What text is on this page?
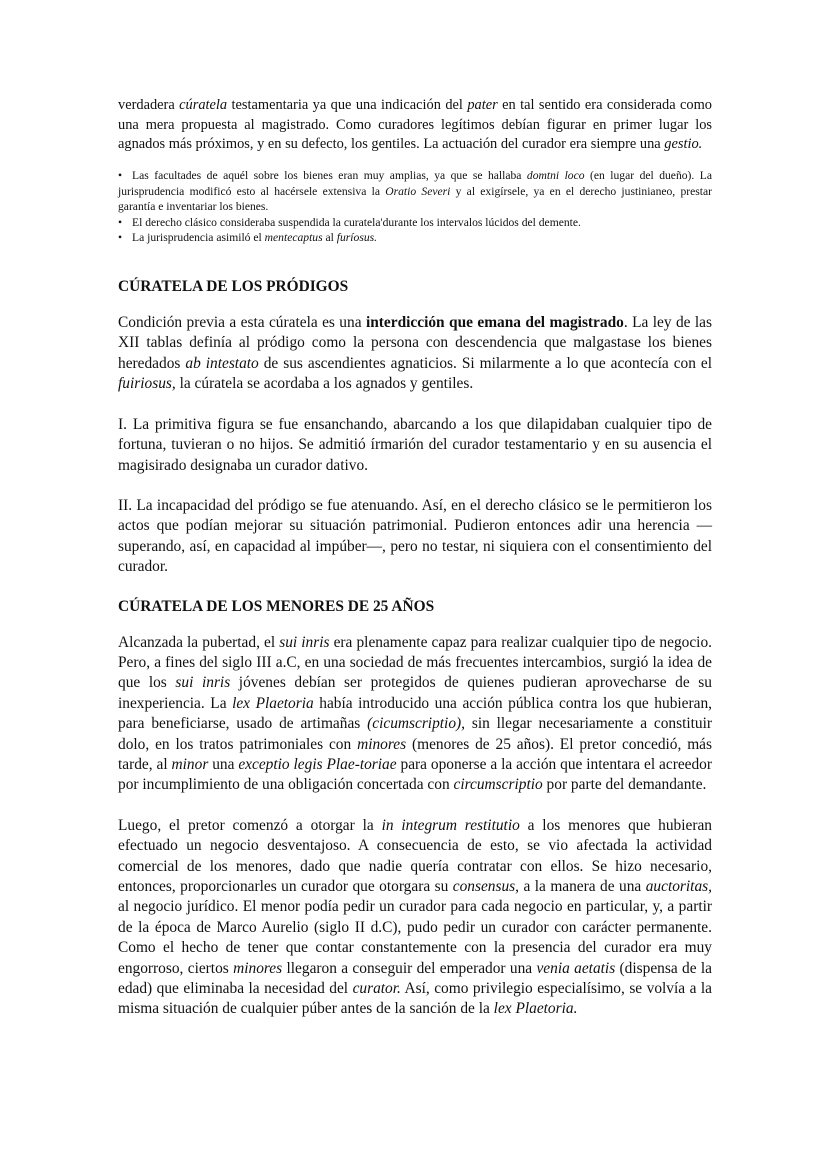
verdadera cúratela testamentaria ya que una indicación del pater en tal sentido era considerada como una mera propuesta al magistrado. Como curadores legítimos debían figurar en primer lugar los agnados más próximos, y en su defecto, los gentiles. La actuación del curador era siempre una gestio.

• Las facultades de aquél sobre los bienes eran muy amplias, ya que se hallaba domtni loco (en lugar del dueño). La jurisprudencia modificó esto al hacérsele extensiva la Oratio Severi y al exigírsele, ya en el derecho justinianeo, prestar garantía e inventariar los bienes.

• El derecho clásico consideraba suspendida la curatela'durante los intervalos lúcidos del demente.

• La jurisprudencia asimiló el mentecaptus al furíosus.

CÚRATELA DE LOS PRÓDIGOS

Condición previa a esta cúratela es una interdicción que emana del magistrado. La ley de las XII tablas definía al pródigo como la persona con descendencia que malgastase los bienes heredados ab intestato de sus ascendientes agnaticios. Si milarmente a lo que acontecía con el fuiriosus, la cúratela se acordaba a los agnados y gentiles.

I. La primitiva figura se fue ensanchando, abarcando a los que dilapidaban cualquier tipo de fortuna, tuvieran o no hijos. Se admitió írmarión del curador testamentario y en su ausencia el magisirado designaba un curador dativo.

II. La incapacidad del pródigo se fue atenuando. Así, en el derecho clásico se le permitieron los actos que podían mejorar su situación patrimonial. Pudieron entonces adir una herencia —superando, así, en capacidad al impúber—, pero no testar, ni siquiera con el consentimiento del curador.

CÚRATELA DE LOS MENORES DE 25 AÑOS

Alcanzada la pubertad, el sui inris era plenamente capaz para realizar cualquier tipo de negocio. Pero, a fines del siglo III a.C, en una sociedad de más frecuentes intercambios, surgió la idea de que los sui inris jóvenes debían ser protegidos de quienes pudieran aprovecharse de su inexperiencia. La lex Plaetoria había introducido una acción pública contra los que hubieran, para beneficiarse, usado de artimañas (cicumscriptio), sin llegar necesariamente a constituir dolo, en los tratos patrimoniales con minores (menores de 25 años). El pretor concedió, más tarde, al minor una exceptio legis Plae-toriae para oponerse a la acción que intentara el acreedor por incumplimiento de una obligación concertada con circumscriptio por parte del demandante.

Luego, el pretor comenzó a otorgar la in integrum restitutio a los menores que hubieran efectuado un negocio desventajoso. A consecuencia de esto, se vio afectada la actividad comercial de los menores, dado que nadie quería contratar con ellos. Se hizo necesario, entonces, proporcionarles un curador que otorgara su consensus, a la manera de una auctoritas, al negocio jurídico. El menor podía pedir un curador para cada negocio en particular, y, a partir de la época de Marco Aurelio (siglo II d.C), pudo pedir un curador con carácter permanente. Como el hecho de tener que contar constantemente con la presencia del curador era muy engorroso, ciertos minores llegaron a conseguir del emperador una venia aetatis (dispensa de la edad) que eliminaba la necesidad del curator. Así, como privilegio especialísimo, se volvía a la misma situación de cualquier púber antes de la sanción de la lex Plaetoria.
